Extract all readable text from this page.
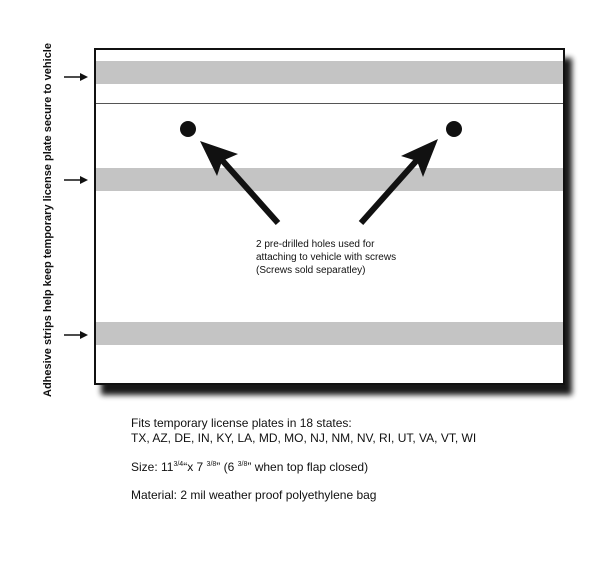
Adhesive strips help keep temporary license plate secure to vehicle	2 pre-drilled holes used for
attaching to vehicle with screws
(Screws sold separatley)
Fits temporary license plates in 18 states:
TX, AZ, DE, IN, KY, LA, MD, MO, NJ, NM, NV, RI, UT, VA, VT, WI
Size: $11^{3/4}“x$ 7 $^{3/8}$” (6 $^{3/8}$” when top flap closed)
Material: 2 mil weather proof polyethylene bag
